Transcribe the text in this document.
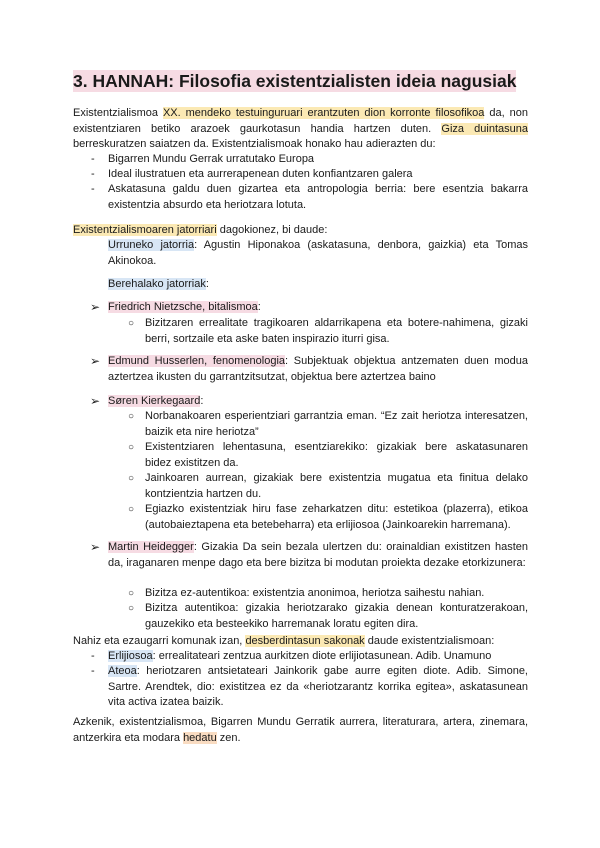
3. HANNAH: Filosofia existentzialisten ideia nagusiak
Existentzialismoa XX. mendeko testuinguruari erantzuten dion korronte filosofikoa da, non existentziaren betiko arazoek gaurkotasun handia hartzen duten. Giza duintasuna berreskuratzen saiatzen da. Existentzialismoak honako hau adierazten du:
- Bigarren Mundu Gerrak urratutako Europa
- Ideal ilustratuen eta aurrerapenean duten konfiantzaren galera
- Askatasuna galdu duen gizartea eta antropologia berria: bere esentzia bakarra existentzia absurdo eta heriotzara lotuta.
Existentzialismoaren jatorriari dagokionez, bi daude:
Urruneko jatorria: Agustin Hiponakoa (askatasuna, denbora, gaizkia) eta Tomas Akinokoa.
Berehalako jatorriak:
➢ Friedrich Nietzsche, bitalismoa:
○ Bizitzaren errealitate tragikoaren aldarrikapena eta botere-nahimena, gizaki berri, sortzaile eta aske baten inspirazio iturri gisa.
➢ Edmund Husserlen, fenomenologia: Subjektuak objektua antzematen duen modua aztertzea ikusten du garrantzitsutzat, objektua bere aztertzea baino
➢ Søren Kierkegaard:
○ Norbanakoaren esperientziari garrantzia eman. “Ez zait heriotza interesatzen, baizik eta nire heriotza”
○ Existentziaren lehentasuna, esentziarekiko: gizakiak bere askatasunaren bidez existitzen da.
○ Jainkoaren aurrean, gizakiak bere existentzia mugatua eta finitua delako kontzientzia hartzen du.
○ Egiazko existentziak hiru fase zeharkatzen ditu: estetikoa (plazerra), etikoa (autobaieztapena eta betebeharra) eta erlijiosoa (Jainkoarekin harremana).
➢ Martin Heidegger: Gizakia Da sein bezala ulertzen du: orainaldian existitzen hasten da, iraganaren menpe dago eta bere bizitza bi modutan proiekta dezake etorkizunera:
○ Bizitza ez-autentikoa: existentzia anonimoa, heriotza saihestu nahian.
○ Bizitza autentikoa: gizakia heriotzarako gizakia denean konturatzerakoan, gauzekiko eta besteekiko harremanak loratu egiten dira.
Nahiz eta ezaugarri komunak izan, desberdintasun sakonak daude existentzialismoan:
- Erlijiosoa: errealitateari zentzua aurkitzen diote erlijiotasunean. Adib. Unamuno
- Ateoa: heriotzaren antsietateari Jainkorik gabe aurre egiten diote. Adib. Simone, Sartre. Arendtek, dio: existitzea ez da «heriotzarantz korrika egitea», askatasunean vita activa izatea baizik.
Azkenik, existentzialismoa, Bigarren Mundu Gerratik aurrera, literaturara, artera, zinemara, antzerkira eta modara hedatu zen.
